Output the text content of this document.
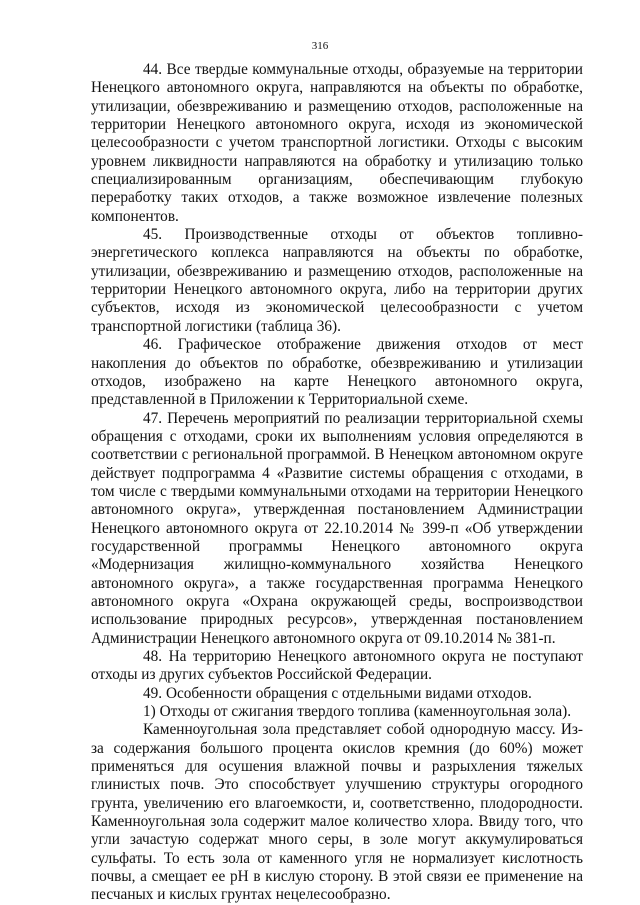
316

44. Все твердые коммунальные отходы, образуемые на территории Ненецкого автономного округа, направляются на объекты по обработке, утилизации, обезвреживанию и размещению отходов, расположенные на территории Ненецкого автономного округа, исходя из экономической целесообразности с учетом транспортной логистики. Отходы с высоким уровнем ликвидности направляются на обработку и утилизацию только специализированным организациям, обеспечивающим глубокую переработку таких отходов, а также возможное извлечение полезных компонентов.

45. Производственные отходы от объектов топливно-энергетического коплекса направляются на объекты по обработке, утилизации, обезвреживанию и размещению отходов, расположенные на территории Ненецкого автономного округа, либо на территории других субъектов, исходя из экономической целесообразности с учетом транспортной логистики (таблица 36).

46. Графическое отображение движения отходов от мест накопления до объектов по обработке, обезвреживанию и утилизации отходов, изображено на карте Ненецкого автономного округа, представленной в Приложении к Территориальной схеме.

47. Перечень мероприятий по реализации территориальной схемы обращения с отходами, сроки их выполнениям условия определяются в соответствии с региональной программой. В Ненецком автономном округе действует подпрограмма 4 «Развитие системы обращения с отходами, в том числе с твердыми коммунальными отходами на территории Ненецкого автономного округа», утвержденная постановлением Администрации Ненецкого автономного округа от 22.10.2014 № 399-п «Об утверждении государственной программы Ненецкого автономного округа «Модернизация жилищно-коммунального хозяйства Ненецкого автономного округа», а также государственная программа Ненецкого автономного округа «Охрана окружающей среды, воспроизводствои использование природных ресурсов», утвержденная постановлением Администрации Ненецкого автономного округа от 09.10.2014 № 381-п.

48. На территорию Ненецкого автономного округа не поступают отходы из других субъектов Российской Федерации.

49. Особенности обращения с отдельными видами отходов.

1) Отходы от сжигания твердого топлива (каменноугольная зола).

Каменноугольная зола представляет собой однородную массу. Из-за содержания большого процента окислов кремния (до 60%) может применяться для осушения влажной почвы и разрыхления тяжелых глинистых почв. Это способствует улучшению структуры огородного грунта, увеличению его влагоемкости, и, соответственно, плодородности. Каменноугольная зола содержит малое количество хлора. Ввиду того, что угли зачастую содержат много серы, в золе могут аккумулироваться сульфаты. То есть зола от каменного угля не нормализует кислотность почвы, а смещает ее pH в кислую сторону. В этой связи ее применение на песчаных и кислых грунтах нецелесообразно.
